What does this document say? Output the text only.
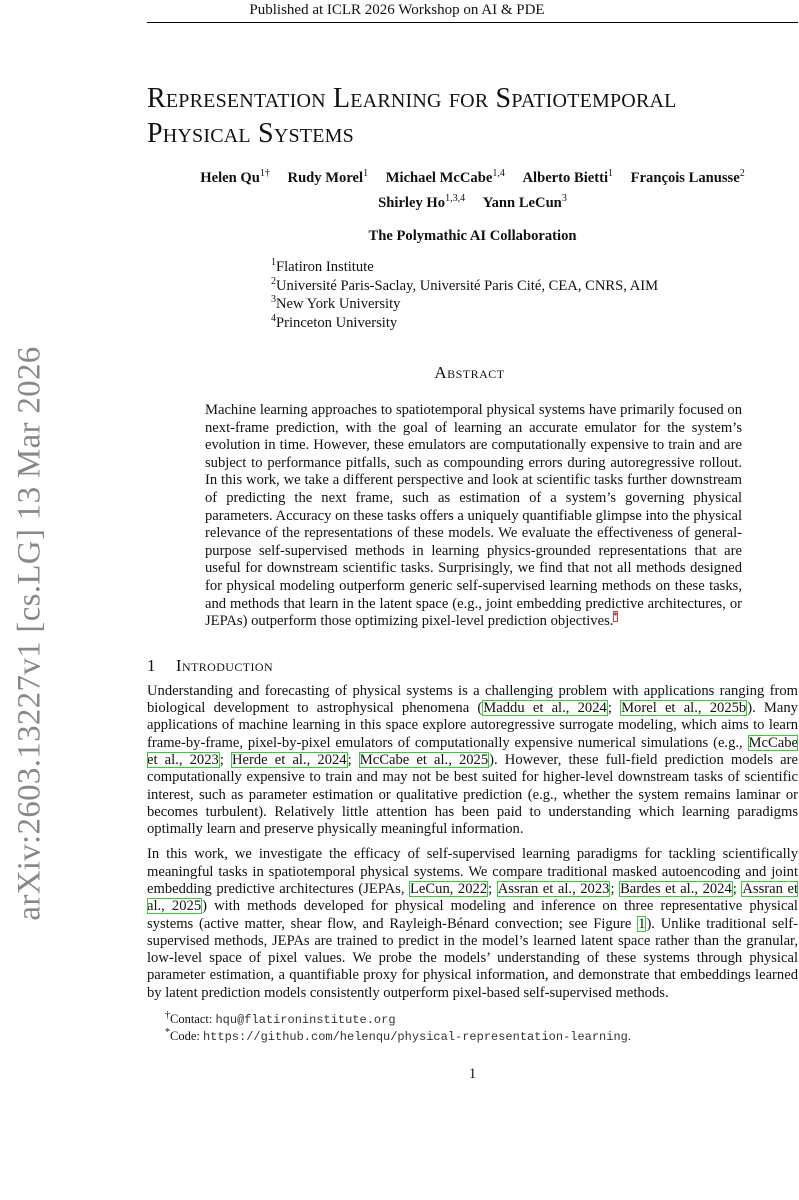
arXiv:2603.13227v1 [cs.LG] 13 Mar 2026
Published at ICLR 2026 Workshop on AI & PDE
Representation Learning for Spatiotemporal
Physical Systems
Helen $Qu^{1\dagger}$ Rudy Morel$^1$ Michael McCabe$^{1,4}$ Alberto Bietti$^1$ François Lanusse$^2$
Shirley Ho$^{1,3,4}$ Yann LeCun$^3$
The Polymathic AI Collaboration
$^1$Flatiron Institute
$^2$Université Paris-Saclay, Université Paris Cité, CEA, CNRS, AIM
$^3$New York University
$^4$Princeton University
Abstract
Machine learning approaches to spatiotemporal physical systems have primarily focused on next-frame prediction, with the goal of learning an accurate emulator for the system’s evolution in time. However, these emulators are computationally expensive to train and are subject to performance pitfalls, such as compounding errors during autoregressive rollout. In this work, we take a different perspective and look at scientific tasks further downstream of predicting the next frame, such as estimation of a system’s governing physical parameters. Accuracy on these tasks offers a uniquely quantifiable glimpse into the physical relevance of the representations of these models. We evaluate the effectiveness of general-purpose self-supervised methods in learning physics-grounded representations that are useful for downstream scientific tasks. Surprisingly, we find that not all methods designed for physical modeling outperform generic self-supervised learning methods on these tasks, and methods that learn in the latent space (e.g., joint embedding predictive architectures, or JEPAs) outperform those optimizing pixel-level prediction objectives.*
1 Introduction
Understanding and forecasting of physical systems is a challenging problem with applications ranging from biological development to astrophysical phenomena (Maddu et al., 2024; Morel et al., 2025b). Many applications of machine learning in this space explore autoregressive surrogate modeling, which aims to learn frame-by-frame, pixel-by-pixel emulators of computationally expensive numerical simulations (e.g., McCabe et al., 2023; Herde et al., 2024; McCabe et al., 2025). However, these full-field prediction models are computationally expensive to train and may not be best suited for higher-level downstream tasks of scientific interest, such as parameter estimation or qualitative prediction (e.g., whether the system remains laminar or becomes turbulent). Relatively little attention has been paid to understanding which learning paradigms optimally learn and preserve physically meaningful information.
In this work, we investigate the efficacy of self-supervised learning paradigms for tackling scientifically meaningful tasks in spatiotemporal physical systems. We compare traditional masked autoencoding and joint embedding predictive architectures (JEPAs, LeCun, 2022; Assran et al., 2023; Bardes et al., 2024; Assran et al., 2025) with methods developed for physical modeling and inference on three representative physical systems (active matter, shear flow, and Rayleigh-Bénard convection; see Figure 1). Unlike traditional self-supervised methods, JEPAs are trained to predict in the model’s learned latent space rather than the granular, low-level space of pixel values. We probe the models’ understanding of these systems through physical parameter estimation, a quantifiable proxy for physical information, and demonstrate that embeddings learned by latent prediction models consistently outperform pixel-based self-supervised methods.
†Contact: hqu@flatironinstitute.org
*Code: https://github.com/helenqu/physical-representation-learning.
1
